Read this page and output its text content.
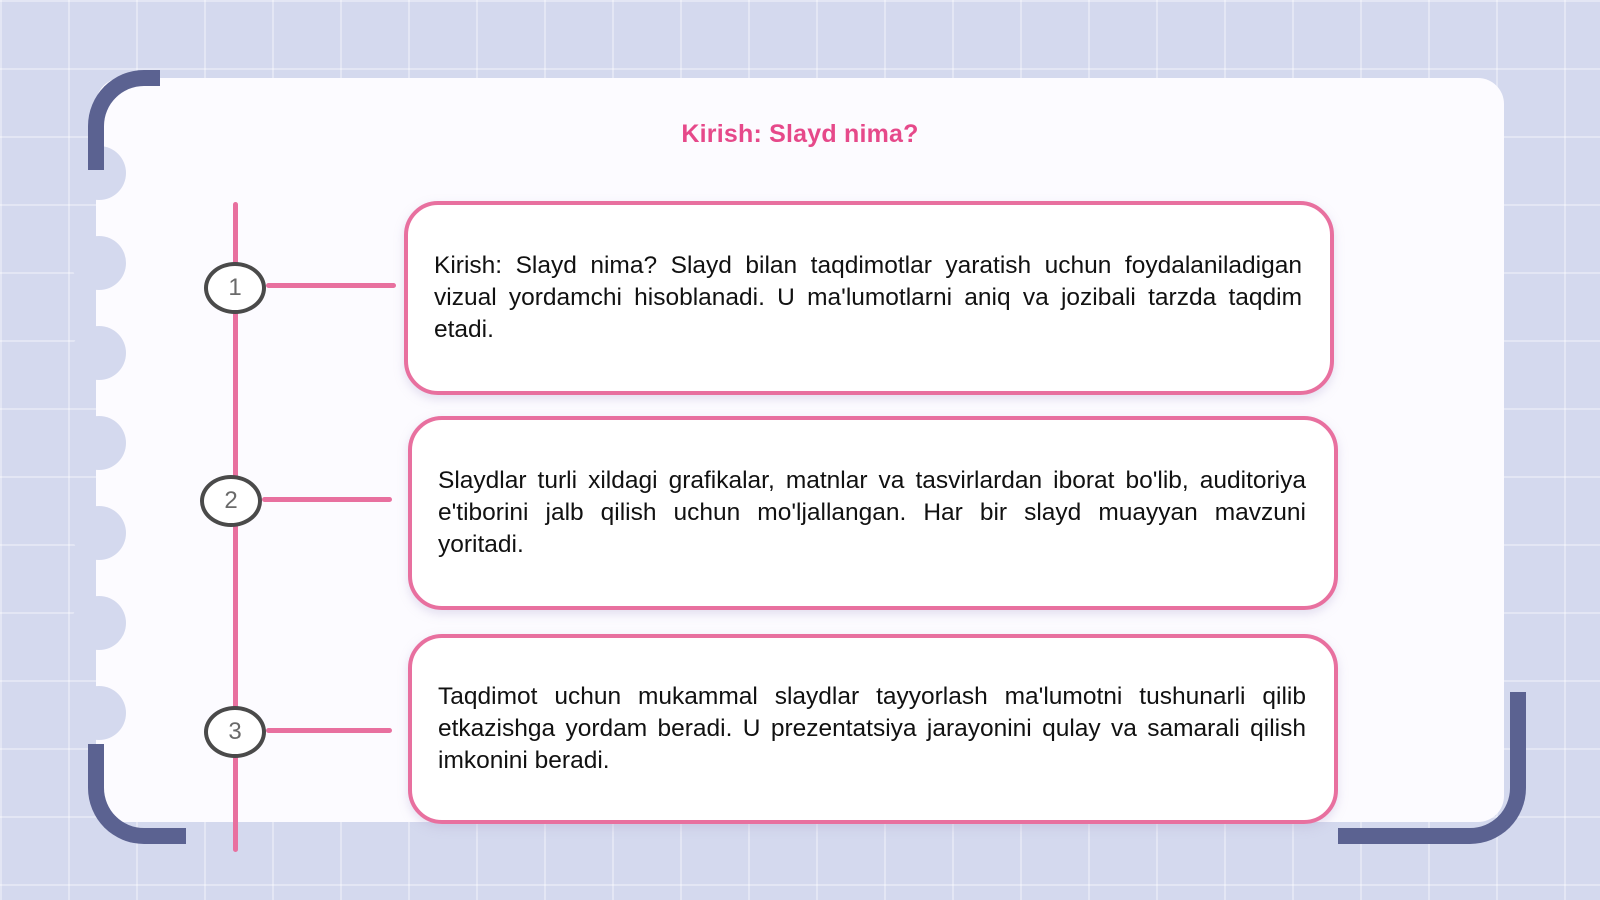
Kirish: Slayd nima?
1
Kirish: Slayd nima? Slayd bilan taqdimotlar yaratish uchun foydalaniladigan vizual yordamchi hisoblanadi. U ma'lumotlarni aniq va jozibali tarzda taqdim etadi.
2
Slaydlar turli xildagi grafikalar, matnlar va tasvirlardan iborat bo'lib, auditoriya e'tiborini jalb qilish uchun mo'ljallangan. Har bir slayd muayyan mavzuni yoritadi.
3
Taqdimot uchun mukammal slaydlar tayyorlash ma'lumotni tushunarli qilib etkazishga yordam beradi. U prezentatsiya jarayonini qulay va samarali qilish imkonini beradi.
